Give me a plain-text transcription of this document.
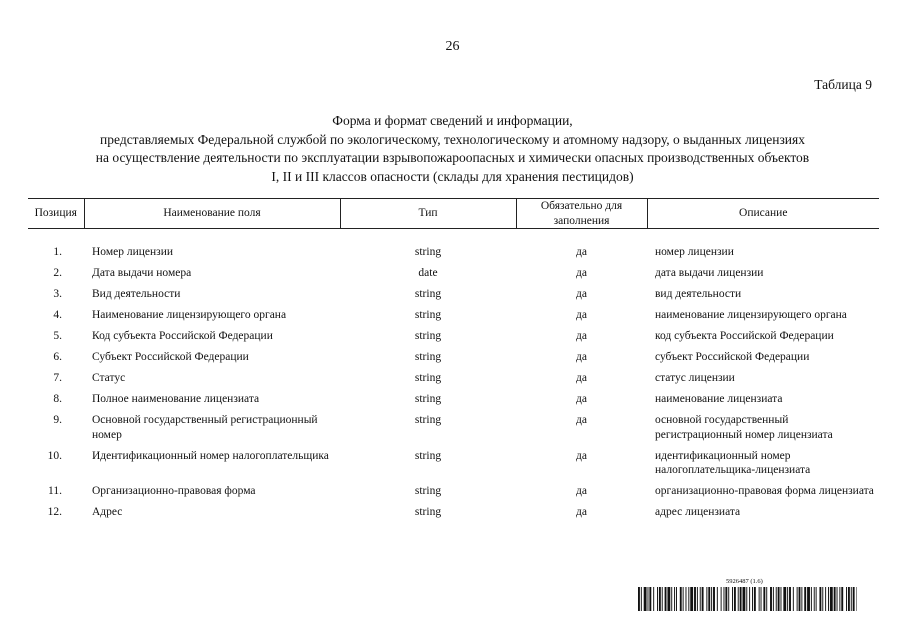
26
Таблица 9
Форма и формат сведений и информации,
представляемых Федеральной службой по экологическому, технологическому и атомному надзору, о выданных лицензиях
на осуществление деятельности по эксплуатации взрывопожароопасных и химически опасных производственных объектов
I, II и III классов опасности (склады для хранения пестицидов)
Позиция	Наименование поля	Тип	Обязательно для заполнения	Описание

1.	Номер лицензии	string	да	номер лицензии
2.	Дата выдачи номера	date	да	дата выдачи лицензии
3.	Вид деятельности	string	да	вид деятельности
4.	Наименование лицензирующего органа	string	да	наименование лицензирующего органа
5.	Код субъекта Российской Федерации	string	да	код субъекта Российской Федерации
6.	Субъект Российской Федерации	string	да	субъект Российской Федерации
7.	Статус	string	да	статус лицензии
8.	Полное наименование лицензиата	string	да	наименование лицензиата
9.	Основной государственный регистрационный номер	string	да	основной государственный регистрационный номер лицензиата
10.	Идентификационный номер налогоплательщика	string	да	идентификационный номер налогоплательщика-лицензиата
11.	Организационно-правовая форма	string	да	организационно-правовая форма лицензиата
12.	Адрес	string	да	адрес лицензиата
5926487 (1.6)
